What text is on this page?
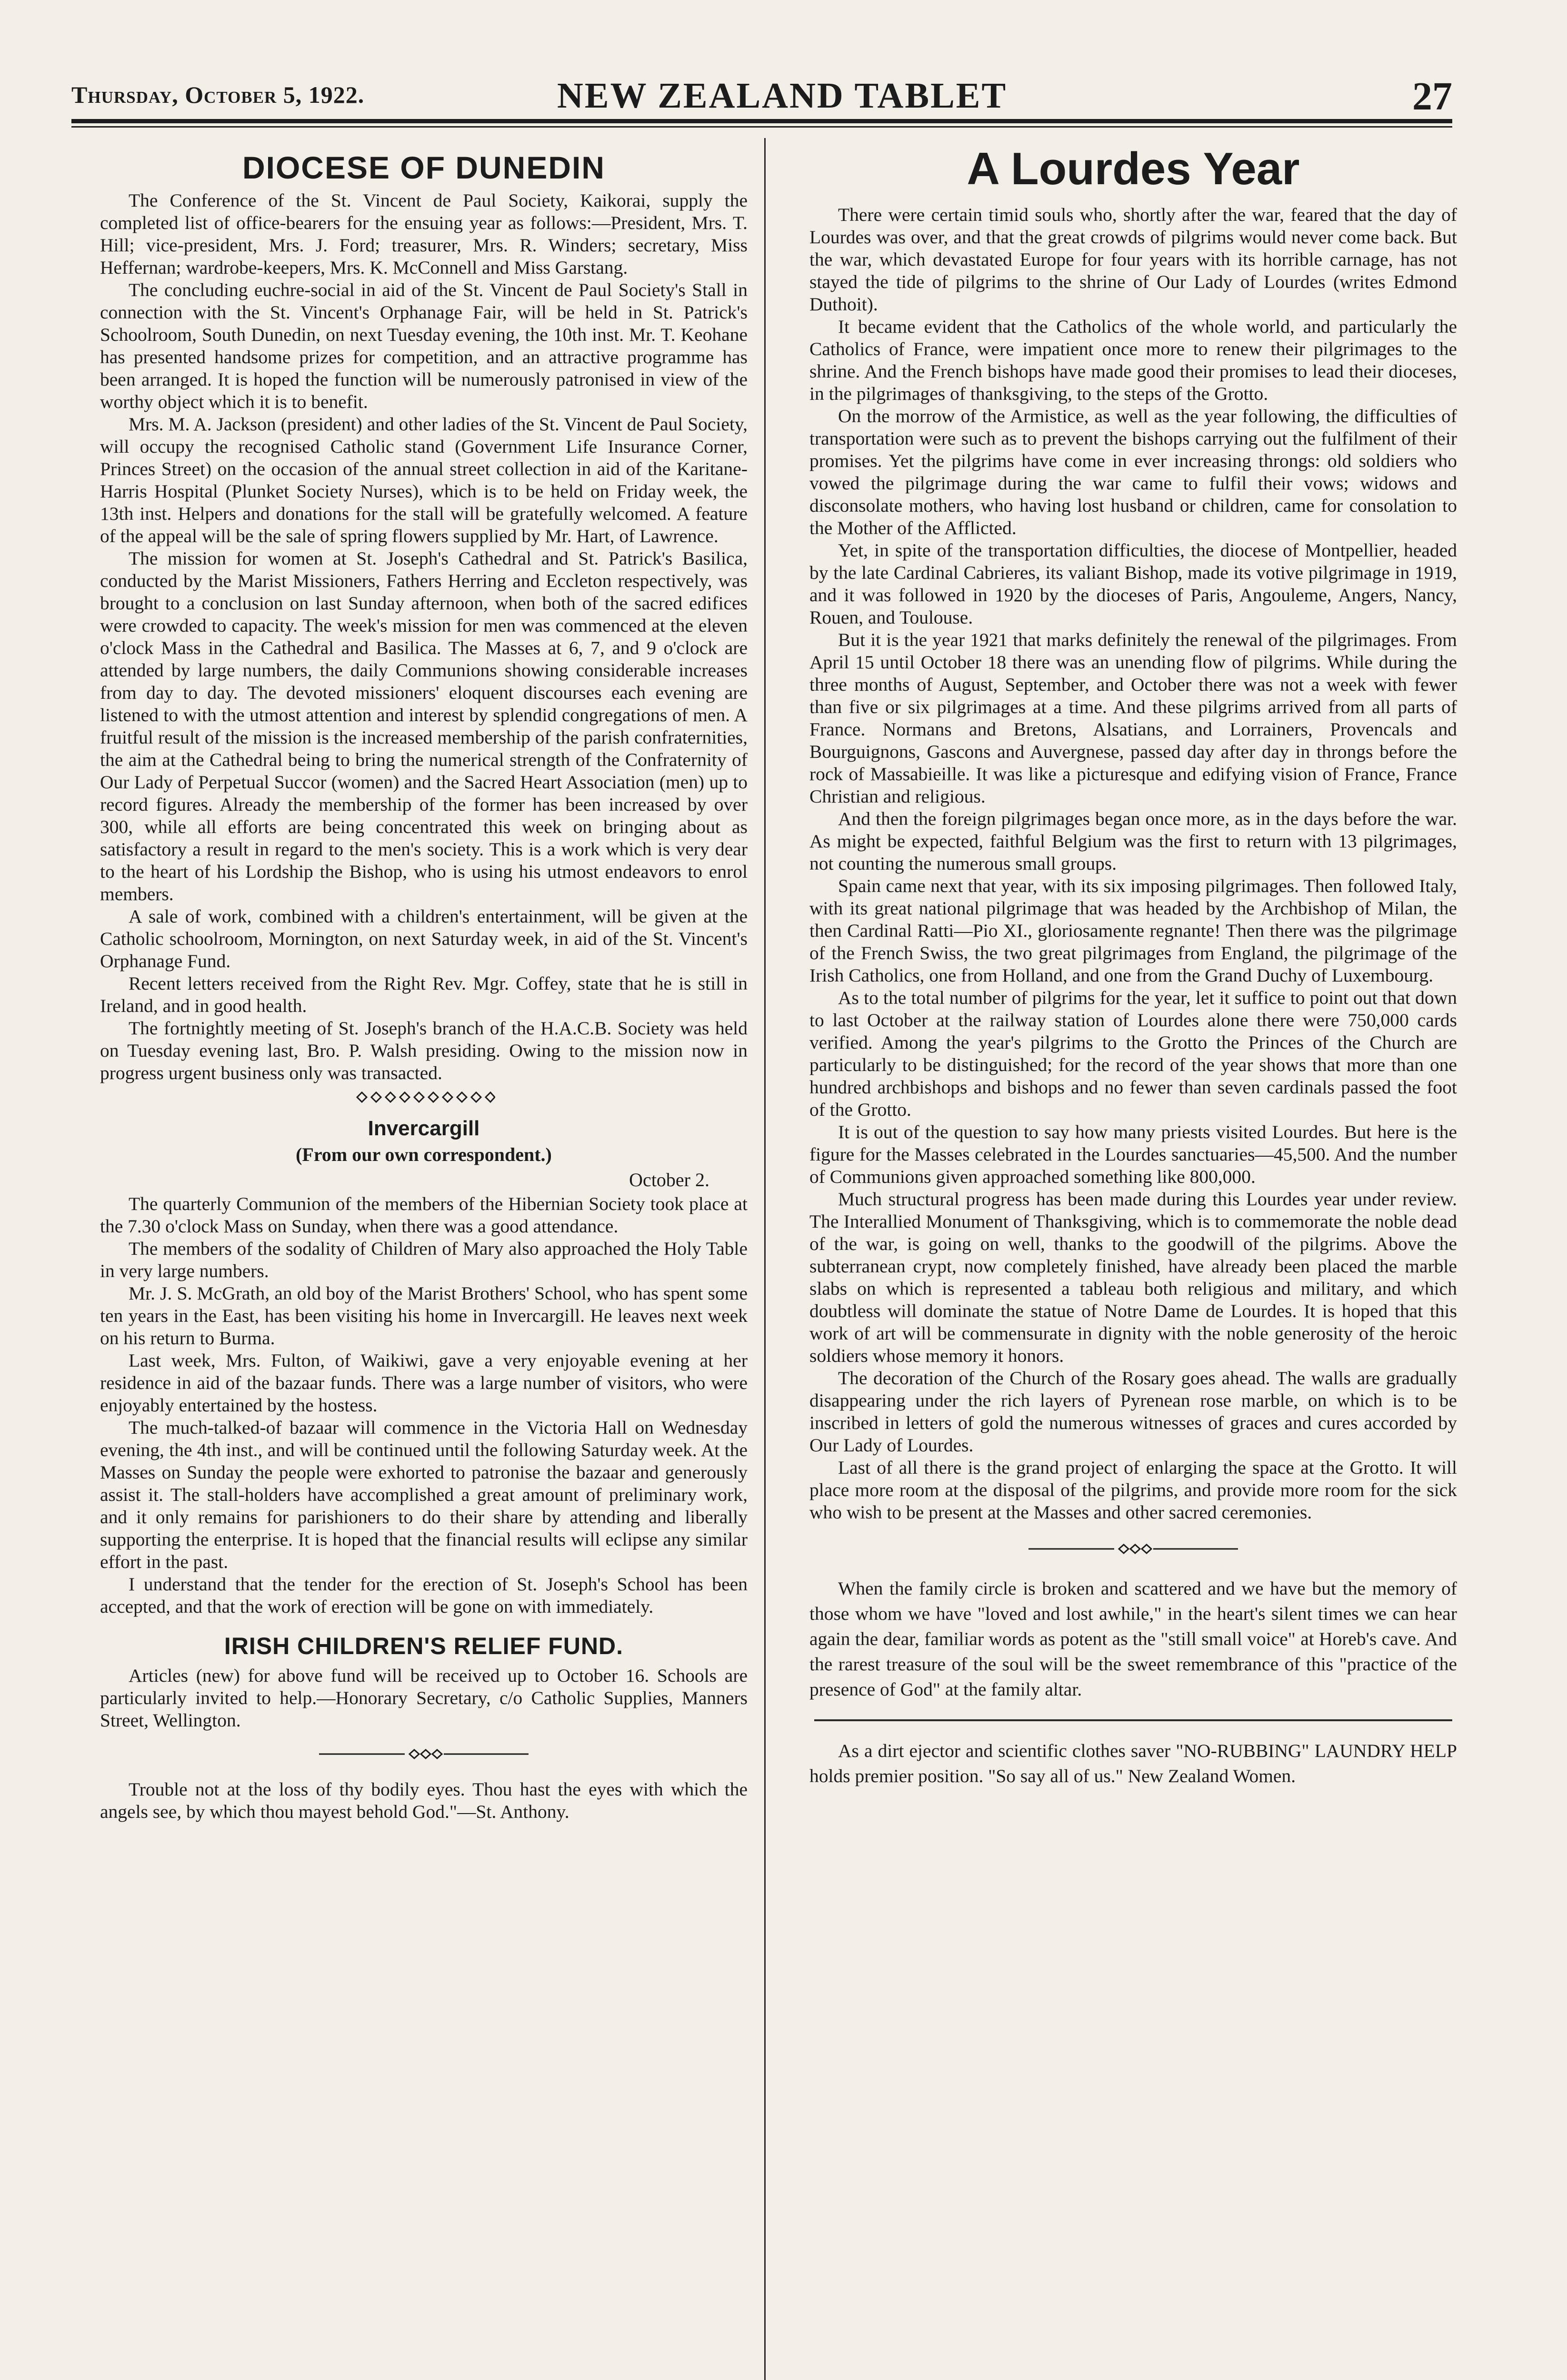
Thursday, October 5, 1922.	NEW ZEALAND TABLET	27
DIOCESE OF DUNEDIN

The Conference of the St. Vincent de Paul Society, Kaikorai, supply the completed list of office-bearers for the ensuing year as follows:—President, Mrs. T. Hill; vice-president, Mrs. J. Ford; treasurer, Mrs. R. Winders; secretary, Miss Heffernan; wardrobe-keepers, Mrs. K. McConnell and Miss Garstang.

The concluding euchre-social in aid of the St. Vincent de Paul Society's Stall in connection with the St. Vincent's Orphanage Fair, will be held in St. Patrick's Schoolroom, South Dunedin, on next Tuesday evening, the 10th inst. Mr. T. Keohane has presented handsome prizes for competition, and an attractive programme has been arranged. It is hoped the function will be numerously patronised in view of the worthy object which it is to benefit.

Mrs. M. A. Jackson (president) and other ladies of the St. Vincent de Paul Society, will occupy the recognised Catholic stand (Government Life Insurance Corner, Princes Street) on the occasion of the annual street collection in aid of the Karitane-Harris Hospital (Plunket Society Nurses), which is to be held on Friday week, the 13th inst. Helpers and donations for the stall will be gratefully welcomed. A feature of the appeal will be the sale of spring flowers supplied by Mr. Hart, of Lawrence.

The mission for women at St. Joseph's Cathedral and St. Patrick's Basilica, conducted by the Marist Missioners, Fathers Herring and Eccleton respectively, was brought to a conclusion on last Sunday afternoon, when both of the sacred edifices were crowded to capacity. The week's mission for men was commenced at the eleven o'clock Mass in the Cathedral and Basilica. The Masses at 6, 7, and 9 o'clock are attended by large numbers, the daily Communions showing considerable increases from day to day. The devoted missioners' eloquent discourses each evening are listened to with the utmost attention and interest by splendid congregations of men. A fruitful result of the mission is the increased membership of the parish confraternities, the aim at the Cathedral being to bring the numerical strength of the Confraternity of Our Lady of Perpetual Succor (women) and the Sacred Heart Association (men) up to record figures. Already the membership of the former has been increased by over 300, while all efforts are being concentrated this week on bringing about as satisfactory a result in regard to the men's society. This is a work which is very dear to the heart of his Lordship the Bishop, who is using his utmost endeavors to enrol members.

A sale of work, combined with a children's entertainment, will be given at the Catholic schoolroom, Mornington, on next Saturday week, in aid of the St. Vincent's Orphanage Fund.

Recent letters received from the Right Rev. Mgr. Coffey, state that he is still in Ireland, and in good health.

The fortnightly meeting of St. Joseph's branch of the H.A.C.B. Society was held on Tuesday evening last, Bro. P. Walsh presiding. Owing to the mission now in progress urgent business only was transacted.

Invercargill
(From our own correspondent.)
October 2.

The quarterly Communion of the members of the Hibernian Society took place at the 7.30 o'clock Mass on Sunday, when there was a good attendance.

The members of the sodality of Children of Mary also approached the Holy Table in very large numbers.

Mr. J. S. McGrath, an old boy of the Marist Brothers' School, who has spent some ten years in the East, has been visiting his home in Invercargill. He leaves next week on his return to Burma.

Last week, Mrs. Fulton, of Waikiwi, gave a very enjoyable evening at her residence in aid of the bazaar funds. There was a large number of visitors, who were enjoyably entertained by the hostess.

The much-talked-of bazaar will commence in the Victoria Hall on Wednesday evening, the 4th inst., and will be continued until the following Saturday week. At the Masses on Sunday the people were exhorted to patronise the bazaar and generously assist it. The stall-holders have accomplished a great amount of preliminary work, and it only remains for parishioners to do their share by attending and liberally supporting the enterprise. It is hoped that the financial results will eclipse any similar effort in the past.

I understand that the tender for the erection of St. Joseph's School has been accepted, and that the work of erection will be gone on with immediately.

IRISH CHILDREN'S RELIEF FUND.

Articles (new) for above fund will be received up to October 16. Schools are particularly invited to help.—Honorary Secretary, c/o Catholic Supplies, Manners Street, Wellington.

Trouble not at the loss of thy bodily eyes. Thou hast the eyes with which the angels see, by which thou mayest behold God."—St. Anthony.

A Lourdes Year

There were certain timid souls who, shortly after the war, feared that the day of Lourdes was over, and that the great crowds of pilgrims would never come back. But the war, which devastated Europe for four years with its horrible carnage, has not stayed the tide of pilgrims to the shrine of Our Lady of Lourdes (writes Edmond Duthoit).

It became evident that the Catholics of the whole world, and particularly the Catholics of France, were impatient once more to renew their pilgrimages to the shrine. And the French bishops have made good their promises to lead their dioceses, in the pilgrimages of thanksgiving, to the steps of the Grotto.

On the morrow of the Armistice, as well as the year following, the difficulties of transportation were such as to prevent the bishops carrying out the fulfilment of their promises. Yet the pilgrims have come in ever increasing throngs: old soldiers who vowed the pilgrimage during the war came to fulfil their vows; widows and disconsolate mothers, who having lost husband or children, came for consolation to the Mother of the Afflicted.

Yet, in spite of the transportation difficulties, the diocese of Montpellier, headed by the late Cardinal Cabrieres, its valiant Bishop, made its votive pilgrimage in 1919, and it was followed in 1920 by the dioceses of Paris, Angouleme, Angers, Nancy, Rouen, and Toulouse.

But it is the year 1921 that marks definitely the renewal of the pilgrimages. From April 15 until October 18 there was an unending flow of pilgrims. While during the three months of August, September, and October there was not a week with fewer than five or six pilgrimages at a time. And these pilgrims arrived from all parts of France. Normans and Bretons, Alsatians, and Lorrainers, Provencals and Bourguignons, Gascons and Auvergnese, passed day after day in throngs before the rock of Massabieille. It was like a picturesque and edifying vision of France, France Christian and religious.

And then the foreign pilgrimages began once more, as in the days before the war. As might be expected, faithful Belgium was the first to return with 13 pilgrimages, not counting the numerous small groups.

Spain came next that year, with its six imposing pilgrimages. Then followed Italy, with its great national pilgrimage that was headed by the Archbishop of Milan, the then Cardinal Ratti—Pio XI., gloriosamente regnante! Then there was the pilgrimage of the French Swiss, the two great pilgrimages from England, the pilgrimage of the Irish Catholics, one from Holland, and one from the Grand Duchy of Luxembourg.

As to the total number of pilgrims for the year, let it suffice to point out that down to last October at the railway station of Lourdes alone there were 750,000 cards verified. Among the year's pilgrims to the Grotto the Princes of the Church are particularly to be distinguished; for the record of the year shows that more than one hundred archbishops and bishops and no fewer than seven cardinals passed the foot of the Grotto.

It is out of the question to say how many priests visited Lourdes. But here is the figure for the Masses celebrated in the Lourdes sanctuaries—45,500. And the number of Communions given approached something like 800,000.

Much structural progress has been made during this Lourdes year under review. The Interallied Monument of Thanksgiving, which is to commemorate the noble dead of the war, is going on well, thanks to the goodwill of the pilgrims. Above the subterranean crypt, now completely finished, have already been placed the marble slabs on which is represented a tableau both religious and military, and which doubtless will dominate the statue of Notre Dame de Lourdes. It is hoped that this work of art will be commensurate in dignity with the noble generosity of the heroic soldiers whose memory it honors.

The decoration of the Church of the Rosary goes ahead. The walls are gradually disappearing under the rich layers of Pyrenean rose marble, on which is to be inscribed in letters of gold the numerous witnesses of graces and cures accorded by Our Lady of Lourdes.

Last of all there is the grand project of enlarging the space at the Grotto. It will place more room at the disposal of the pilgrims, and provide more room for the sick who wish to be present at the Masses and other sacred ceremonies.

When the family circle is broken and scattered and we have but the memory of those whom we have "loved and lost awhile," in the heart's silent times we can hear again the dear, familiar words as potent as the "still small voice" at Horeb's cave. And the rarest treasure of the soul will be the sweet remembrance of this "practice of the presence of God" at the family altar.

As a dirt ejector and scientific clothes saver "NO-RUBBING" LAUNDRY HELP holds premier position. "So say all of us." New Zealand Women.
